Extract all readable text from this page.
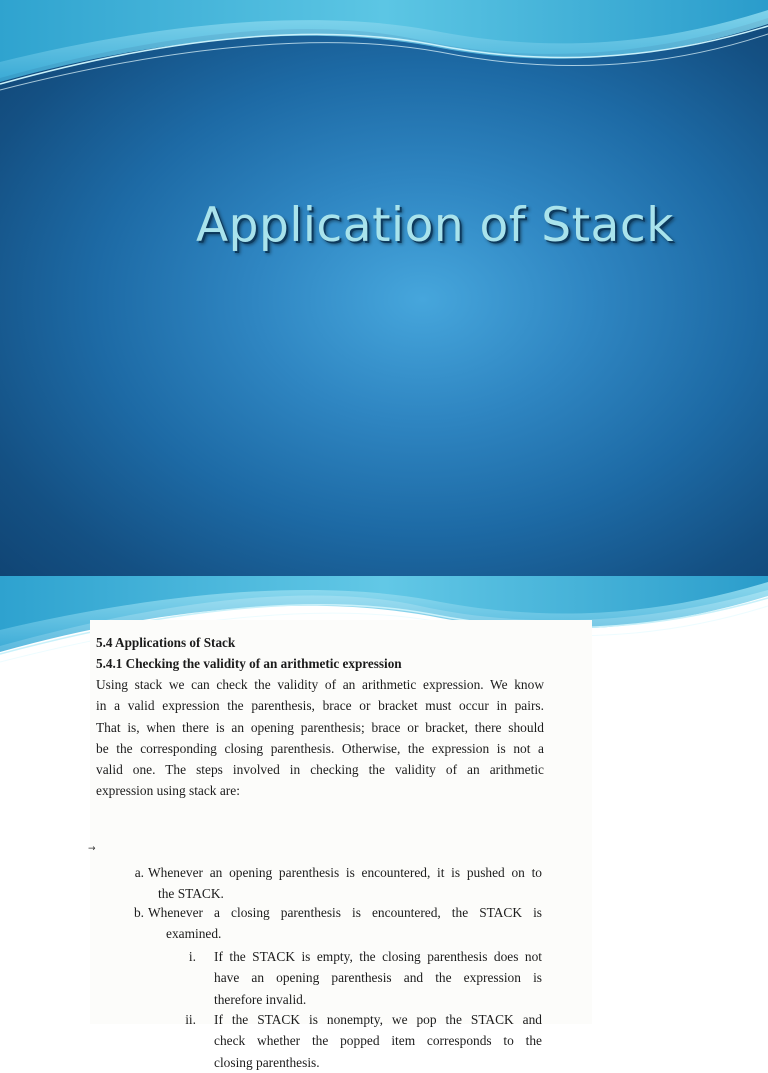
Application of Stack
5.4 Applications of Stack
5.4.1 Checking the validity of an arithmetic expression
Using stack we can check the validity of an arithmetic expression. We know
in a valid expression the parenthesis, brace or bracket must occur in pairs.
That is, when there is an opening parenthesis; brace or bracket, there should
be the corresponding closing parenthesis. Otherwise, the expression is not a
valid one. The steps involved in checking the validity of an arithmetic
expression using stack are:
a. Whenever an opening parenthesis is encountered, it is pushed on to
the STACK.
b. Whenever a closing parenthesis is encountered, the STACK is
examined.
i. If the STACK is empty, the closing parenthesis does not
have an opening parenthesis and the expression is
therefore invalid.
ii. If the STACK is nonempty, we pop the STACK and
check whether the popped item corresponds to the
closing parenthesis.
→
